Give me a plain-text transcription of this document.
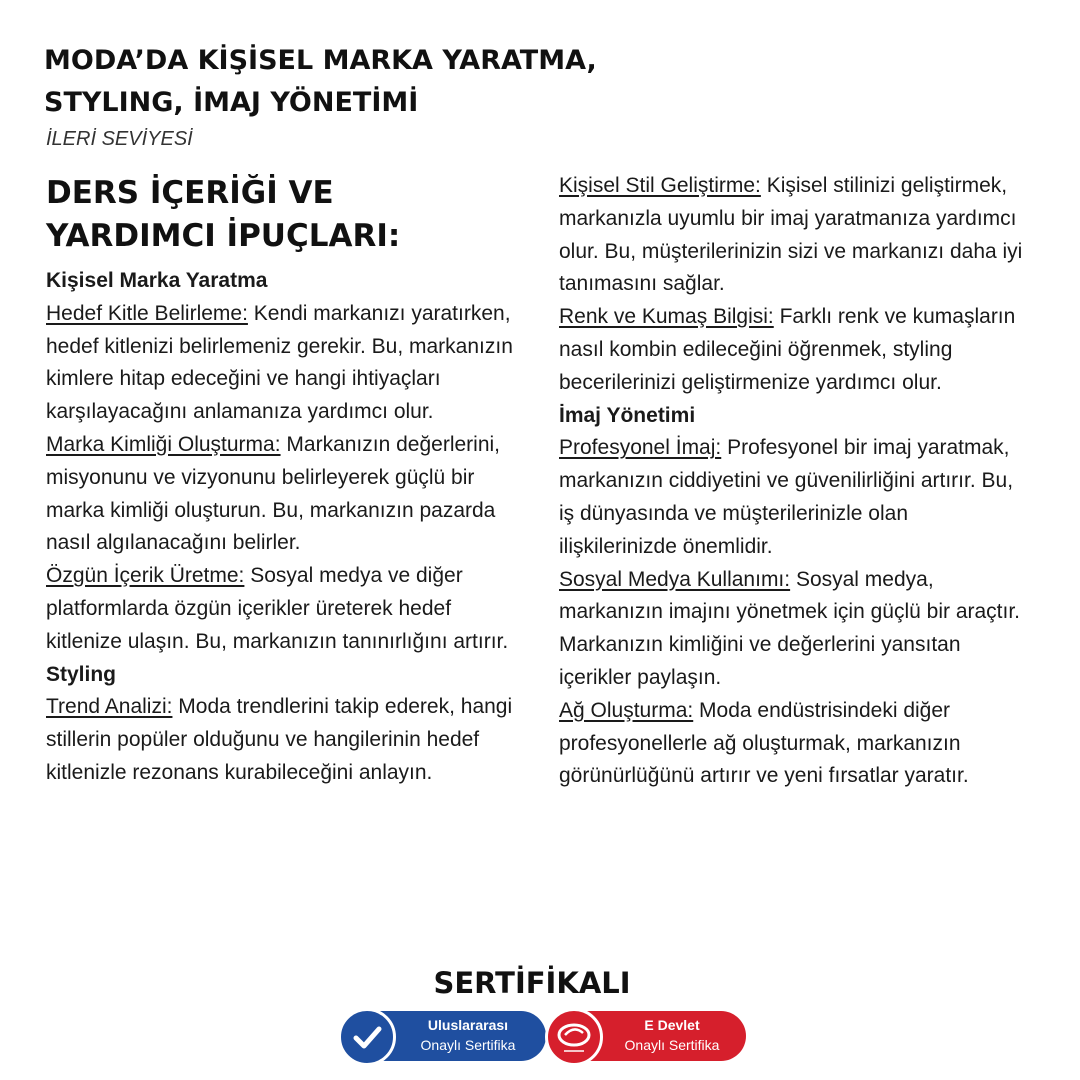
MODA’DA KİŞİSEL MARKA YARATMA,
STYLING, İMAJ YÖNETİMİ
İLERİ SEVİYESİ
DERS İÇERİĞİ VE
YARDIMCI İPUÇLARI:

Kişisel Marka Yaratma

Hedef Kitle Belirleme: Kendi markanızı yaratırken, hedef kitlenizi belirlemeniz gerekir. Bu, markanızın kimlere hitap edeceğini ve hangi ihtiyaçları karşılayacağını anlamanıza yardımcı olur.

Marka Kimliği Oluşturma: Markanızın değerlerini, misyonunu ve vizyonunu belirleyerek güçlü bir marka kimliği oluşturun. Bu, markanızın pazarda nasıl algılanacağını belirler.

Özgün İçerik Üretme: Sosyal medya ve diğer platformlarda özgün içerikler üreterek hedef kitlenize ulaşın. Bu, markanızın tanınırlığını artırır.

Styling

Trend Analizi: Moda trendlerini takip ederek, hangi stillerin popüler olduğunu ve hangilerinin hedef kitlenizle rezonans kurabileceğini anlayın.

Kişisel Stil Geliştirme: Kişisel stilinizi geliştirmek, markanızla uyumlu bir imaj yaratmanıza yardımcı olur. Bu, müşterilerinizin sizi ve markanızı daha iyi tanımasını sağlar.

Renk ve Kumaş Bilgisi: Farklı renk ve kumaşların nasıl kombin edileceğini öğrenmek, styling becerilerinizi geliştirmenize yardımcı olur.

İmaj Yönetimi

Profesyonel İmaj: Profesyonel bir imaj yaratmak, markanızın ciddiyetini ve güvenilirliğini artırır. Bu, iş dünyasında ve müşterilerinizle olan ilişkilerinizde önemlidir.

Sosyal Medya Kullanımı: Sosyal medya, markanızın imajını yönetmek için güçlü bir araçtır. Markanızın kimliğini ve değerlerini yansıtan içerikler paylaşın.

Ağ Oluşturma: Moda endüstrisindeki diğer profesyonellerle ağ oluşturmak, markanızın görünürlüğünü artırır ve yeni fırsatlar yaratır.

SERTİFİKALI
Uluslararası
Onaylı Sertifika
E Devlet
Onaylı Sertifika
